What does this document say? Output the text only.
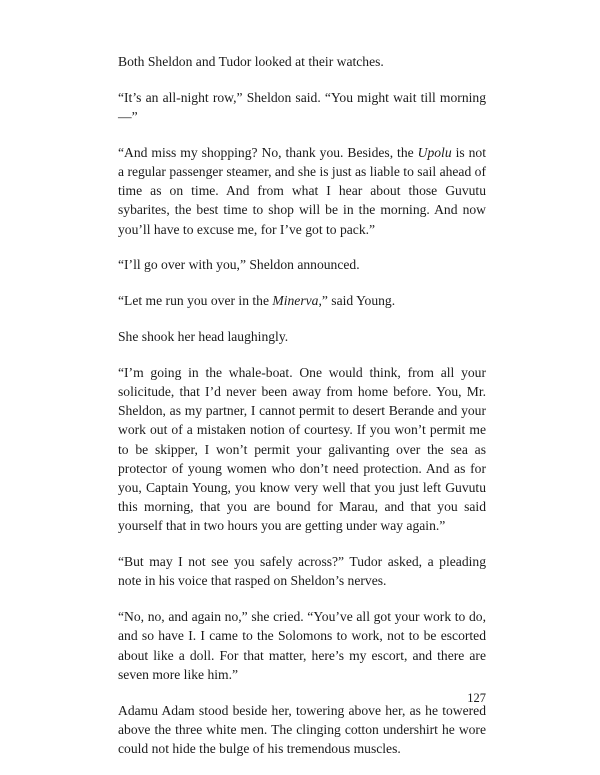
Both Sheldon and Tudor looked at their watches.

“It’s an all-night row,” Sheldon said. “You might wait till morning—”

“And miss my shopping? No, thank you. Besides, the Upolu is not a regular passenger steamer, and she is just as liable to sail ahead of time as on time. And from what I hear about those Guvutu sybarites, the best time to shop will be in the morning. And now you’ll have to excuse me, for I’ve got to pack.”

“I’ll go over with you,” Sheldon announced.

“Let me run you over in the Minerva,” said Young.

She shook her head laughingly.

“I’m going in the whale-boat. One would think, from all your solicitude, that I’d never been away from home before. You, Mr. Sheldon, as my partner, I cannot permit to desert Berande and your work out of a mistaken notion of courtesy. If you won’t permit me to be skipper, I won’t permit your galivanting over the sea as protector of young women who don’t need protection. And as for you, Captain Young, you know very well that you just left Guvutu this morning, that you are bound for Marau, and that you said yourself that in two hours you are getting under way again.”

“But may I not see you safely across?” Tudor asked, a pleading note in his voice that rasped on Sheldon’s nerves.

“No, no, and again no,” she cried. “You’ve all got your work to do, and so have I. I came to the Solomons to work, not to be escorted about like a doll. For that matter, here’s my escort, and there are seven more like him.”

Adamu Adam stood beside her, towering above her, as he towered above the three white men. The clinging cotton undershirt he wore could not hide the bulge of his tremendous muscles.

127
